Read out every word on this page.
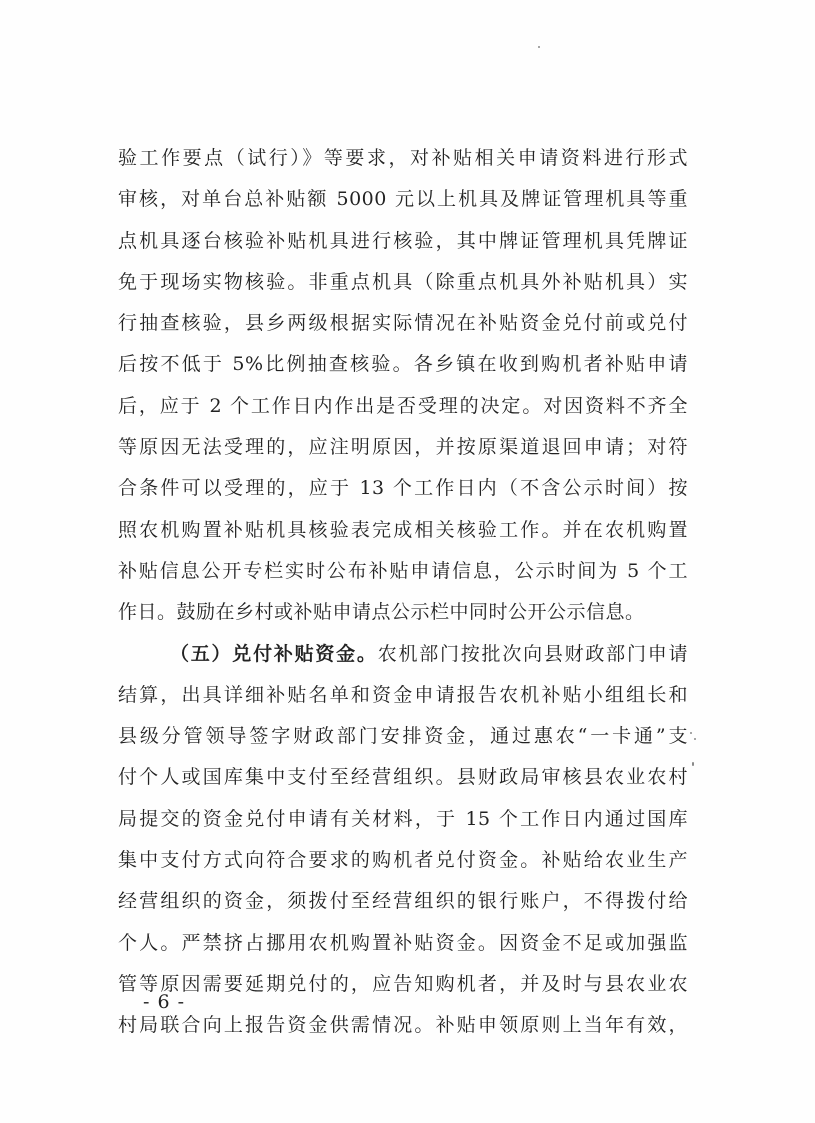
验工作要点（试行）》等要求，对补贴相关申请资料进行形式
审核，对单台总补贴额 5000 元以上机具及牌证管理机具等重
点机具逐台核验补贴机具进行核验，其中牌证管理机具凭牌证
免于现场实物核验。非重点机具（除重点机具外补贴机具）实
行抽查核验，县乡两级根据实际情况在补贴资金兑付前或兑付
后按不低于 5%比例抽查核验。各乡镇在收到购机者补贴申请
后，应于 2 个工作日内作出是否受理的决定。对因资料不齐全
等原因无法受理的，应注明原因，并按原渠道退回申请；对符
合条件可以受理的，应于 13 个工作日内（不含公示时间）按
照农机购置补贴机具核验表完成相关核验工作。并在农机购置
补贴信息公开专栏实时公布补贴申请信息，公示时间为 5 个工
作日。鼓励在乡村或补贴申请点公示栏中同时公开公示信息。
（五）兑付补贴资金。农机部门按批次向县财政部门申请
结算，出具详细补贴名单和资金申请报告农机补贴小组组长和
县级分管领导签字财政部门安排资金，通过惠农“一卡通”支
付个人或国库集中支付至经营组织。县财政局审核县农业农村
局提交的资金兑付申请有关材料，于 15 个工作日内通过国库
集中支付方式向符合要求的购机者兑付资金。补贴给农业生产
经营组织的资金，须拨付至经营组织的银行账户，不得拨付给
个人。严禁挤占挪用农机购置补贴资金。因资金不足或加强监
管等原因需要延期兑付的，应告知购机者，并及时与县农业农
村局联合向上报告资金供需情况。补贴申领原则上当年有效，
- 6 -
